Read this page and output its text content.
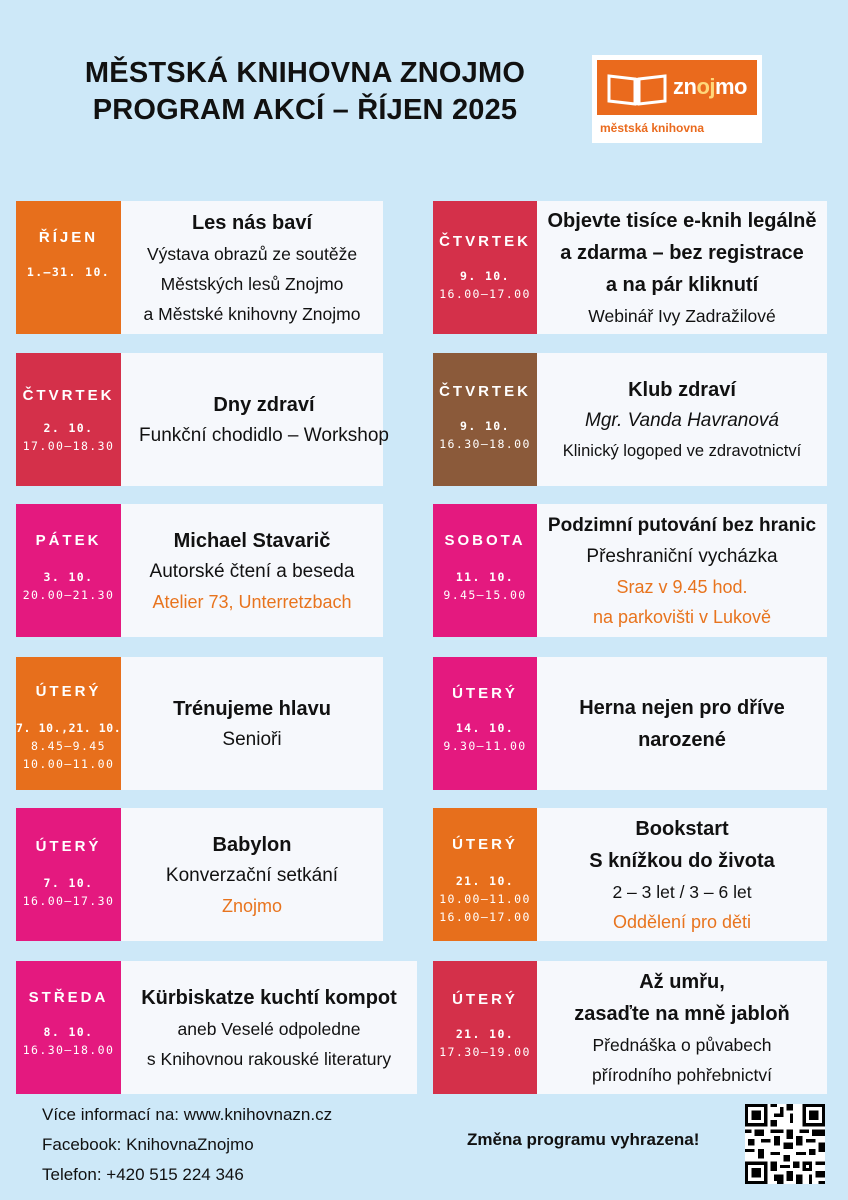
MĚSTSKÁ KNIHOVNA ZNOJMO
PROGRAM AKCÍ – ŘÍJEN 2025
znojmo
městská knihovna
ŘÍJEN
1.–31. 10.
Les nás baví
Výstava obrazů ze soutěže
Městských lesů Znojmo
a Městské knihovny Znojmo
ČTVRTEK
2. 10.
17.00–18.30
Dny zdraví
Funkční chodidlo – Workshop
PÁTEK
3. 10.
20.00–21.30
Michael Stavarič
Autorské čtení a beseda
Atelier 73, Unterretzbach
ÚTERÝ
7. 10.,21. 10.
8.45–9.45
10.00–11.00
Trénujeme hlavu
Senioři
ÚTERÝ
7. 10.
16.00–17.30
Babylon
Konverzační setkání
Znojmo
STŘEDA
8. 10.
16.30–18.00
Kürbiskatze kuchtí kompot
aneb Veselé odpoledne
s Knihovnou rakouské literatury
ČTVRTEK
9. 10.
16.00–17.00
Objevte tisíce e-knih legálně
a zdarma – bez registrace
a na pár kliknutí
Webinář Ivy Zadražilové
ČTVRTEK
9. 10.
16.30–18.00
Klub zdraví
Mgr. Vanda Havranová
Klinický logoped ve zdravotnictví
SOBOTA
11. 10.
9.45–15.00
Podzimní putování bez hranic
Přeshraniční vycházka
Sraz v 9.45 hod.
na parkovišti v Lukově
ÚTERÝ
14. 10.
9.30–11.00
Herna nejen pro dříve
narozené
ÚTERÝ
21. 10.
10.00–11.00
16.00–17.00
Bookstart
S knížkou do života
2 – 3 let / 3 – 6 let
Oddělení pro děti
ÚTERÝ
21. 10.
17.30–19.00
Až umřu,
zasaďte na mně jabloň
Přednáška o půvabech
přírodního pohřebnictví
Více informací na: www.knihovnazn.cz
Facebook: KnihovnaZnojmo
Telefon: +420 515 224 346
Změna programu vyhrazena!
